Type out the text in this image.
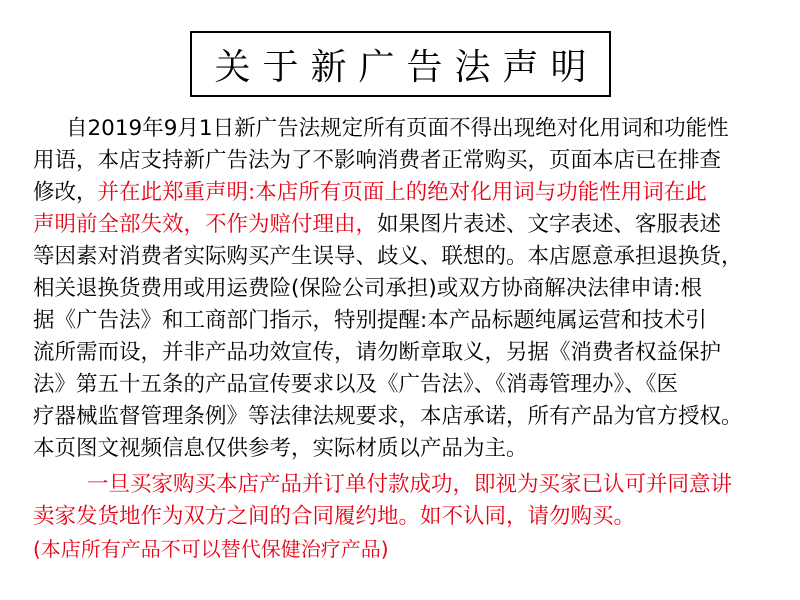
关于新广告法声明
自2019年9月1日新广告法规定所有页面不得出现绝对化用词和功能性
用语，本店支持新广告法为了不影响消费者正常购买，页面本店已在排查
修改，并在此郑重声明:本店所有页面上的绝对化用词与功能性用词在此
声明前全部失效，不作为赔付理由，如果图片表述、文字表述、客服表述
等因素对消费者实际购买产生误导、歧义、联想的。本店愿意承担退换货，
相关退换货费用或用运费险(保险公司承担)或双方协商解决法律申请:根
据《广告法》和工商部门指示，特别提醒:本产品标题纯属运营和技术引
流所需而设，并非产品功效宣传，请勿断章取义，另据《消费者权益保护
法》第五十五条的产品宣传要求以及《广告法》、《消毒管理办》、《医
疗器械监督管理条例》等法律法规要求，本店承诺，所有产品为官方授权。
本页图文视频信息仅供参考，实际材质以产品为主。
一旦买家购买本店产品并订单付款成功，即视为买家已认可并同意讲
卖家发货地作为双方之间的合同履约地。如不认同，请勿购买。
(本店所有产品不可以替代保健治疗产品)
